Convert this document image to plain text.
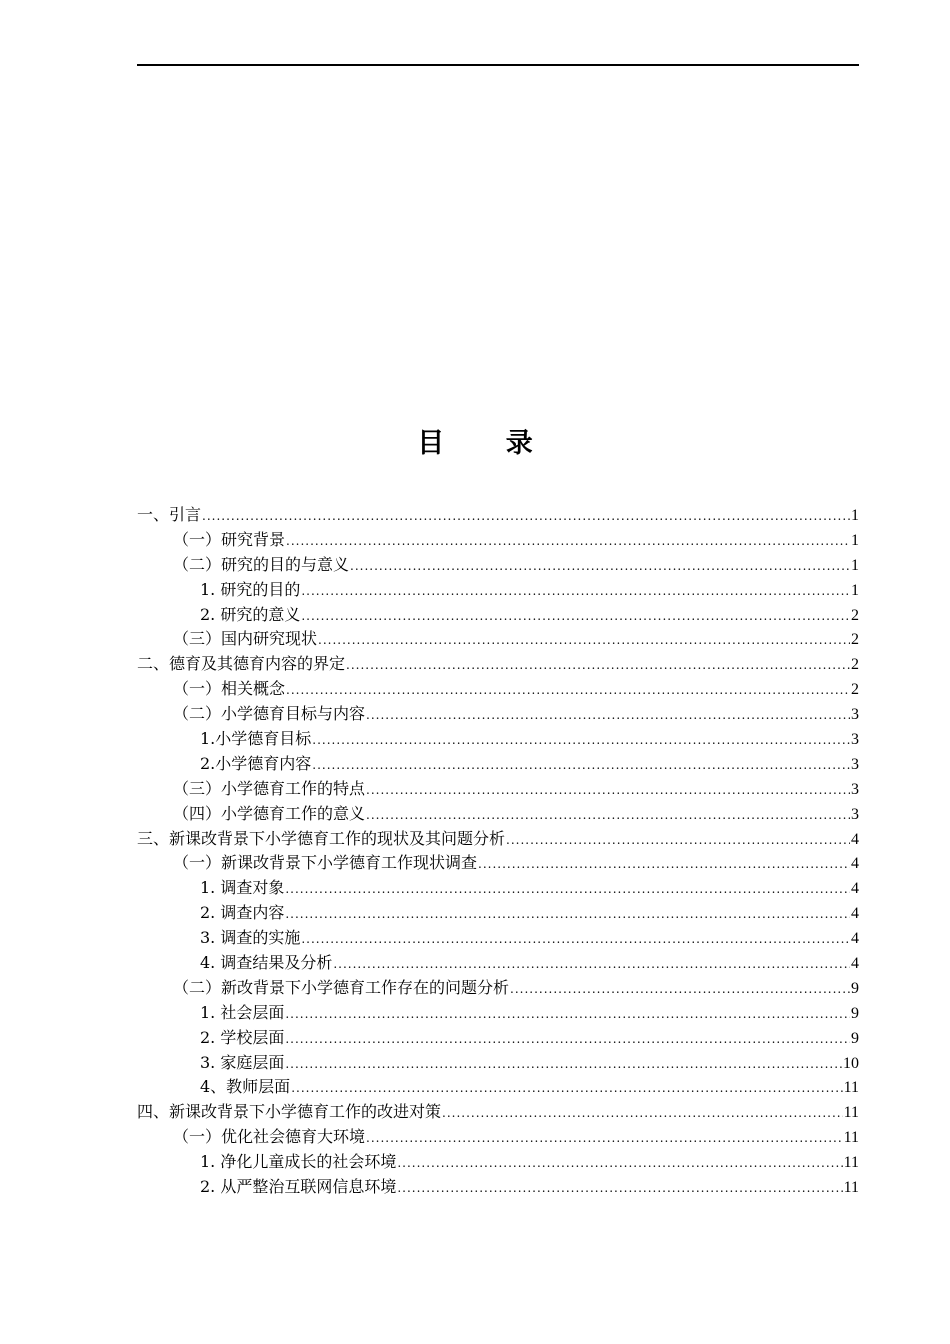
目 录
一、引言 .....	1
（一）研究背景 .....	1
（二）研究的目的与意义 .....	1
1. 研究的目的 .....	1
2. 研究的意义 .....	2
（三）国内研究现状 .....	2
二、德育及其德育内容的界定 .....	2
（一）相关概念 .....	2
（二）小学德育目标与内容 .....	3
1.小学德育目标 .....	3
2.小学德育内容 .....	3
（三）小学德育工作的特点 .....	3
（四）小学德育工作的意义 .....	3
三、新课改背景下小学德育工作的现状及其问题分析 .....	4
（一）新课改背景下小学德育工作现状调查 .....	4
1. 调查对象 .....	4
2. 调查内容 .....	4
3. 调查的实施 .....	4
4. 调查结果及分析 .....	4
（二）新改背景下小学德育工作存在的问题分析 .....	9
1. 社会层面 .....	9
2. 学校层面 .....	9
3. 家庭层面 .....	10
4、教师层面 .....	11
四、新课改背景下小学德育工作的改进对策 .....	11
（一）优化社会德育大环境 .....	11
1. 净化儿童成长的社会环境 .....	11
2. 从严整治互联网信息环境 .....	11
